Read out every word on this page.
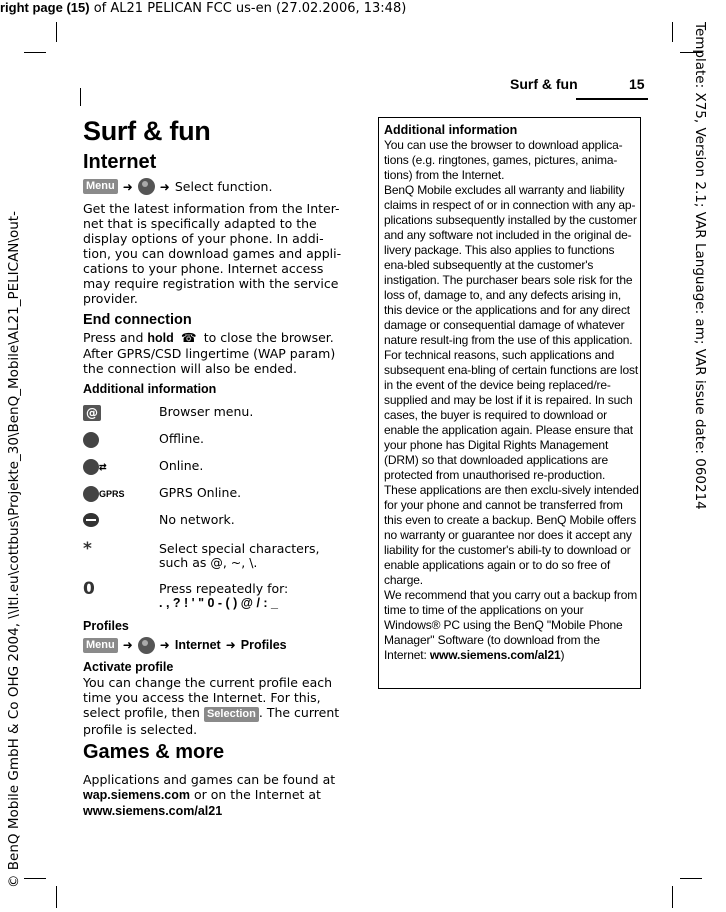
right page (15) of AL21 PELICAN FCC us-en (27.02.2006, 13:48)
Template: X75, Version 2.1; VAR Language: am; VAR issue date: 060214
© BenQ Mobile GmbH & Co OHG 2004, \\Itl.eu\cottbus\Projekte_30\BenQ_Mobile\AL21_PELICAN\out-
Surf & fun	15
Surf & fun
Internet
Menu ➜ ➜ Select function.

Get the latest information from the Inter-net that is specifically adapted to the display options of your phone. In addi-tion, you can download games and appli-cations to your phone. Internet access may require registration with the service provider.

End connection

Press and hold ☎ to close the browser. After GPRS/CSD lingertime (WAP param) the connection will also be ended.

Additional information
@	Browser menu.
	Offline.
⇄	Online.
GPRS	GPRS Online.
	No network.
*	Select special characters, such as @, ~, \.
0	Press repeatedly for:
. , ? ! ' " 0 - ( ) @ / : _
Profiles
Menu ➜ ➜ Internet ➜ Profiles
Activate profile

You can change the current profile each time you access the Internet. For this, select profile, then Selection . The current profile is selected.

Games & more

Applications and games can be found at wap.siemens.com or on the Internet at www.siemens.com/al21

Additional information

You can use the browser to download applica-tions (e.g. ringtones, games, pictures, anima-tions) from the Internet.

BenQ Mobile excludes all warranty and liability claims in respect of or in connection with any ap-plications subsequently installed by the customer and any software not included in the original de-livery package. This also applies to functions ena-bled subsequently at the customer's instigation. The purchaser bears sole risk for the loss of, damage to, and any defects arising in, this device or the applications and for any direct damage or consequential damage of whatever nature result-ing from the use of this application. For technical reasons, such applications and subsequent ena-bling of certain functions are lost in the event of the device being replaced/re-supplied and may be lost if it is repaired. In such cases, the buyer is required to download or enable the application again. Please ensure that your phone has Digital Rights Management (DRM) so that downloaded applications are protected from unauthorised re-production. These applications are then exclu-sively intended for your phone and cannot be transferred from this even to create a backup. BenQ Mobile offers no warranty or guarantee nor does it accept any liability for the customer's abili-ty to download or enable applications again or to do so free of charge.

We recommend that you carry out a backup from time to time of the applications on your Windows® PC using the BenQ "Mobile Phone Manager" Software (to download from the Internet: www.siemens.com/al21)
